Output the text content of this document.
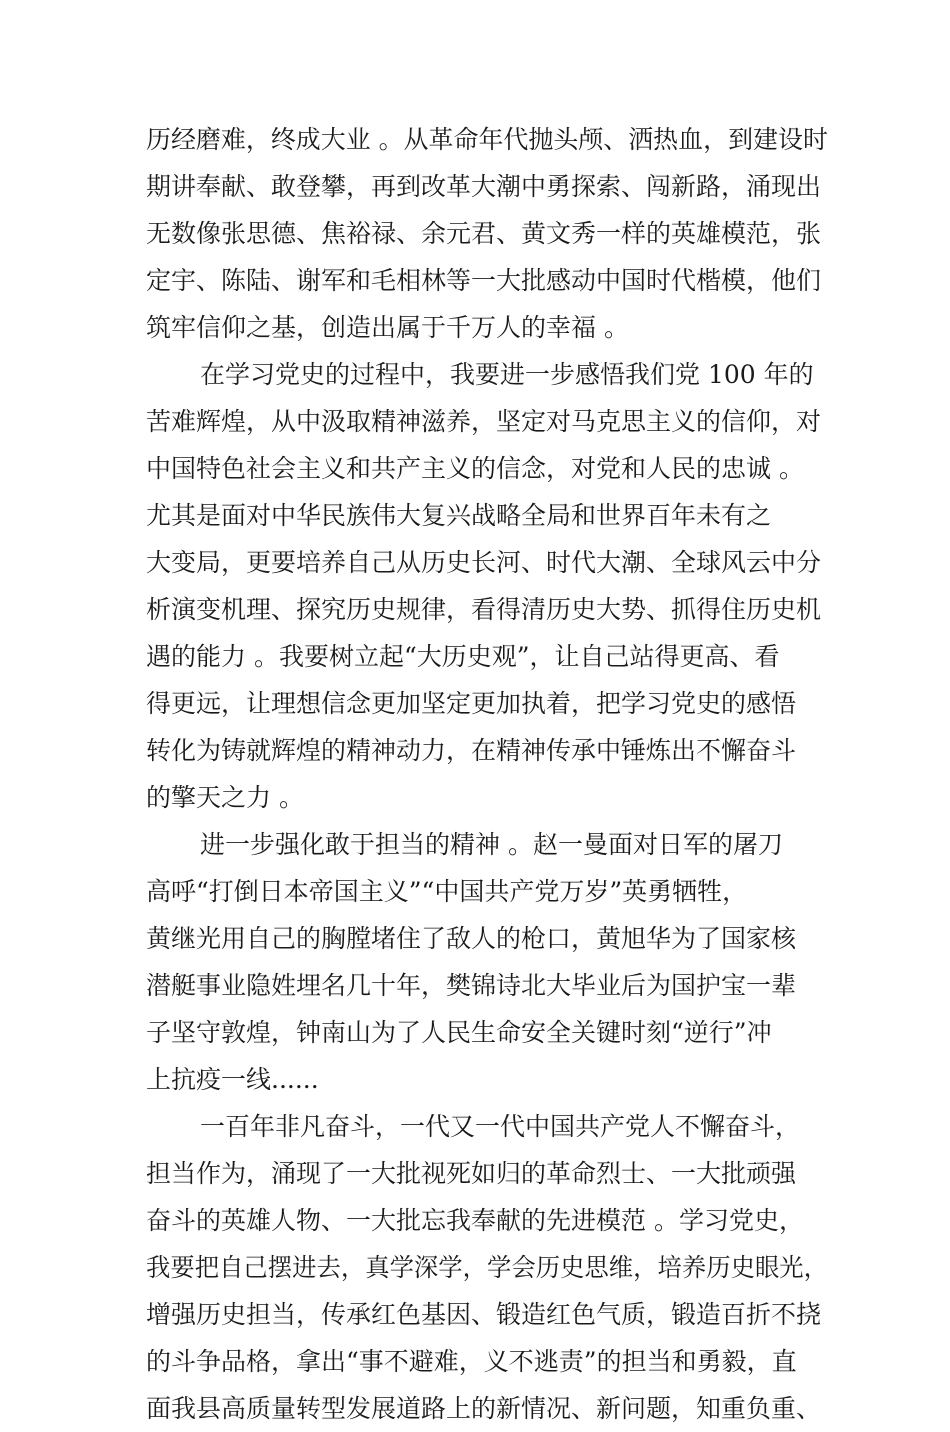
历经磨难，终成大业 。从革命年代抛头颅、洒热血，到建设时
期讲奉献、敢登攀，再到改革大潮中勇探索、闯新路，涌现出
无数像张思德、焦裕禄、余元君、黄文秀一样的英雄模范，张
定宇、陈陆、谢军和毛相林等一大批感动中国时代楷模，他们
筑牢信仰之基，创造出属于千万人的幸福 。
在学习党史的过程中，我要进一步感悟我们党 100 年的
苦难辉煌，从中汲取精神滋养，坚定对马克思主义的信仰，对
中国特色社会主义和共产主义的信念，对党和人民的忠诚 。
尤其是面对中华民族伟大复兴战略全局和世界百年未有之
大变局，更要培养自己从历史长河、时代大潮、全球风云中分
析演变机理、探究历史规律，看得清历史大势、抓得住历史机
遇的能力 。我要树立起“大历史观”，让自己站得更高、看
得更远，让理想信念更加坚定更加执着，把学习党史的感悟
转化为铸就辉煌的精神动力，在精神传承中锤炼出不懈奋斗
的擎天之力 。
进一步强化敢于担当的精神 。赵一曼面对日军的屠刀
高呼“打倒日本帝国主义”“中国共产党万岁”英勇牺牲，
黄继光用自己的胸膛堵住了敌人的枪口，黄旭华为了国家核
潜艇事业隐姓埋名几十年，樊锦诗北大毕业后为国护宝一辈
子坚守敦煌，钟南山为了人民生命安全关键时刻“逆行”冲
上抗疫一线......
一百年非凡奋斗，一代又一代中国共产党人不懈奋斗，
担当作为，涌现了一大批视死如归的革命烈士、一大批顽强
奋斗的英雄人物、一大批忘我奉献的先进模范 。学习党史，
我要把自己摆进去，真学深学，学会历史思维，培养历史眼光，
增强历史担当，传承红色基因、锻造红色气质，锻造百折不挠
的斗争品格，拿出“事不避难，义不逃责”的担当和勇毅，直
面我县高质量转型发展道路上的新情况、新问题，知重负重、
